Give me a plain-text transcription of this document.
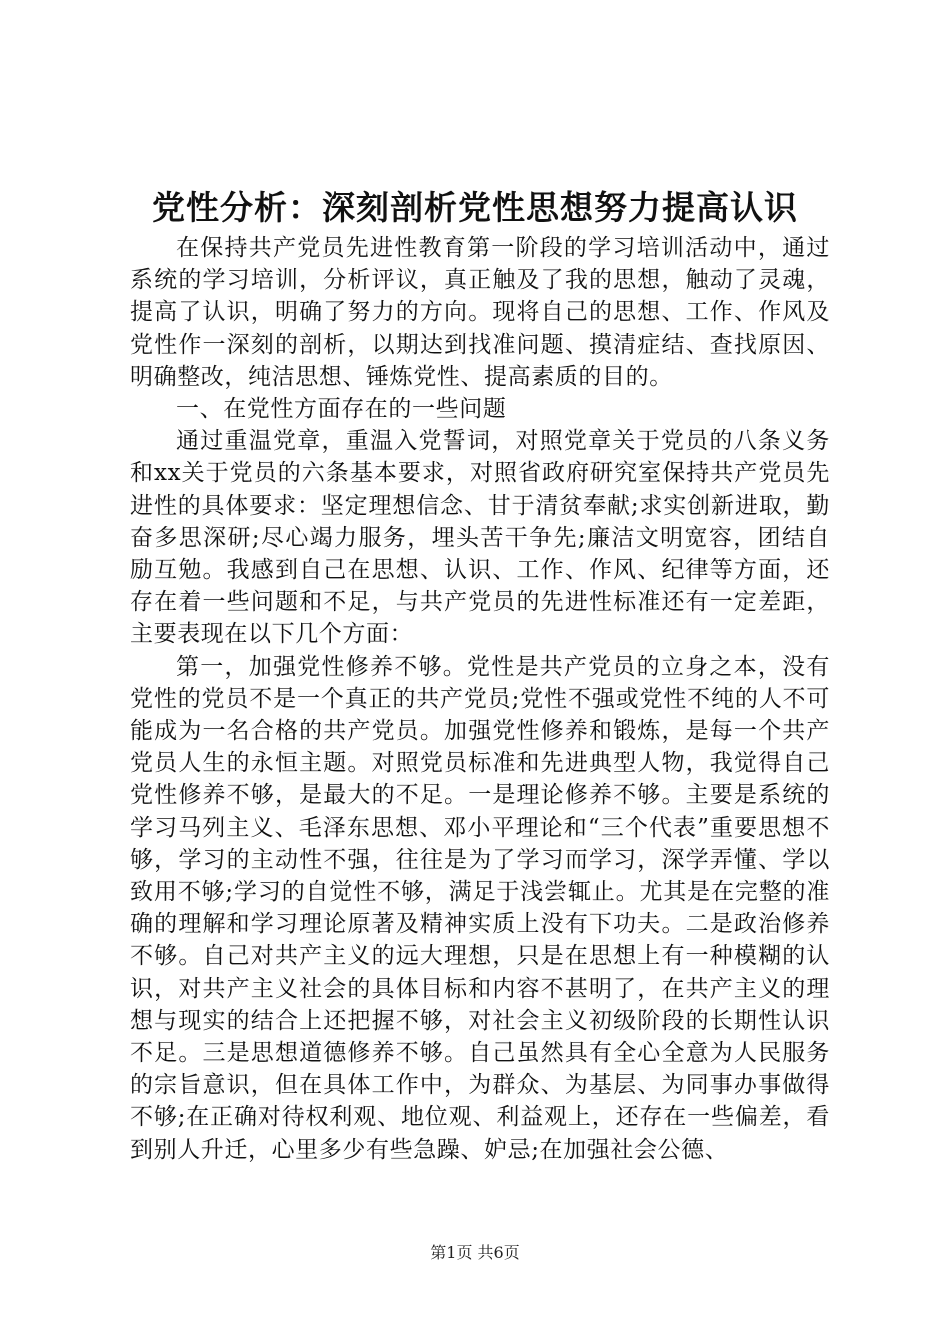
党性分析：深刻剖析党性思想努力提高认识

在保持共产党员先进性教育第一阶段的学习培训活动中，通过系统的学习培训，分析评议，真正触及了我的思想，触动了灵魂，提高了认识，明确了努力的方向。现将自己的思想、工作、作风及党性作一深刻的剖析，以期达到找准问题、摸清症结、查找原因、明确整改，纯洁思想、锤炼党性、提高素质的目的。

一、在党性方面存在的一些问题

通过重温党章，重温入党誓词，对照党章关于党员的八条义务和xx关于党员的六条基本要求，对照省政府研究室保持共产党员先进性的具体要求：坚定理想信念、甘于清贫奉献;求实创新进取，勤奋多思深研;尽心竭力服务，埋头苦干争先;廉洁文明宽容，团结自励互勉。我感到自己在思想、认识、工作、作风、纪律等方面，还存在着一些问题和不足，与共产党员的先进性标准还有一定差距，主要表现在以下几个方面：

第一，加强党性修养不够。党性是共产党员的立身之本，没有党性的党员不是一个真正的共产党员;党性不强或党性不纯的人不可能成为一名合格的共产党员。加强党性修养和锻炼，是每一个共产党员人生的永恒主题。对照党员标准和先进典型人物，我觉得自己党性修养不够，是最大的不足。一是理论修养不够。主要是系统的学习马列主义、毛泽东思想、邓小平理论和“三个代表”重要思想不够，学习的主动性不强，往往是为了学习而学习，深学弄懂、学以致用不够;学习的自觉性不够，满足于浅尝辄止。尤其是在完整的准确的理解和学习理论原著及精神实质上没有下功夫。二是政治修养不够。自己对共产主义的远大理想，只是在思想上有一种模糊的认识，对共产主义社会的具体目标和内容不甚明了，在共产主义的理想与现实的结合上还把握不够，对社会主义初级阶段的长期性认识不足。三是思想道德修养不够。自己虽然具有全心全意为人民服务的宗旨意识，但在具体工作中，为群众、为基层、为同事办事做得不够;在正确对待权利观、地位观、利益观上，还存在一些偏差，看到别人升迁，心里多少有些急躁、妒忌;在加强社会公德、

第1页 共6页
